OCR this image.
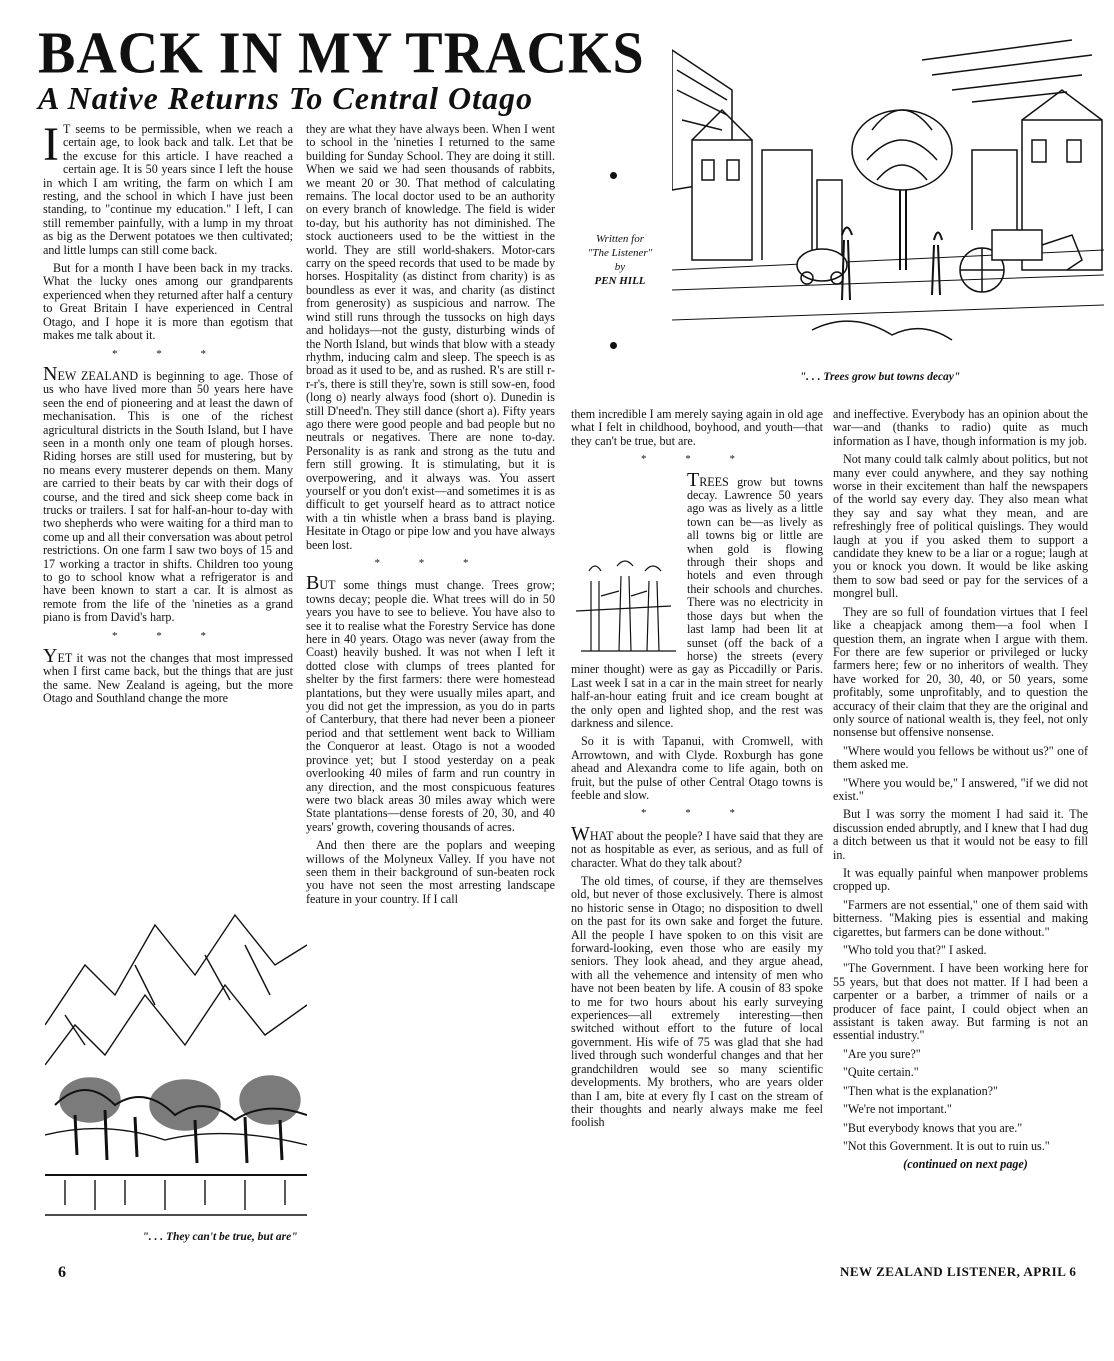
BACK IN MY TRACKS
A Native Returns To Central Otago
". . . Trees grow but towns decay"
Written for
"The Listener"
by
PEN HILL

I T seems to be permissible, when we reach a certain age, to look back and talk. Let that be the excuse for this article. I have reached a certain age. It is 50 years since I left the house in which I am writing, the farm on which I am resting, and the school in which I have just been standing, to "continue my education." I left, I can still remember painfully, with a lump in my throat as big as the Derwent potatoes we then cultivated; and little lumps can still come back.

But for a month I have been back in my tracks. What the lucky ones among our grandparents experienced when they returned after half a century to Great Britain I have experienced in Central Otago, and I hope it is more than egotism that makes me talk about it.

* * *

NEW ZEALAND is beginning to age. Those of us who have lived more than 50 years here have seen the end of pioneering and at least the dawn of mechanisation. This is one of the richest agricultural districts in the South Island, but I have seen in a month only one team of plough horses. Riding horses are still used for mustering, but by no means every musterer depends on them. Many are carried to their beats by car with their dogs of course, and the tired and sick sheep come back in trucks or trailers. I sat for half-an-hour to-day with two shepherds who were waiting for a third man to come up and all their conversation was about petrol restrictions. On one farm I saw two boys of 15 and 17 working a tractor in shifts. Children too young to go to school know what a refrigerator is and have been known to start a car. It is almost as remote from the life of the 'nineties as a grand piano is from David's harp.

* * *

YET it was not the changes that most impressed when I first came back, but the things that are just the same. New Zealand is ageing, but the more Otago and Southland change the more

". . . They can't be true, but are"

they are what they have always been. When I went to school in the 'nineties I returned to the same building for Sunday School. They are doing it still. When we said we had seen thousands of rabbits, we meant 20 or 30. That method of calculating remains. The local doctor used to be an authority on every branch of knowledge. The field is wider to-day, but his authority has not diminished. The stock auctioneers used to be the wittiest in the world. They are still world-shakers. Motor-cars carry on the speed records that used to be made by horses. Hospitality (as distinct from charity) is as boundless as ever it was, and charity (as distinct from generosity) as suspicious and narrow. The wind still runs through the tussocks on high days and holidays—not the gusty, disturbing winds of the North Island, but winds that blow with a steady rhythm, inducing calm and sleep. The speech is as broad as it used to be, and as rushed. R's are still r-r-r's, there is still they're, sown is still sow-en, food (long o) nearly always food (short o). Dunedin is still D'need'n. They still dance (short a). Fifty years ago there were good people and bad people but no neutrals or negatives. There are none to-day. Personality is as rank and strong as the tutu and fern still growing. It is stimulating, but it is overpowering, and it always was. You assert yourself or you don't exist—and sometimes it is as difficult to get yourself heard as to attract notice with a tin whistle when a brass band is playing. Hesitate in Otago or pipe low and you have always been lost.

* * *

BUT some things must change. Trees grow; towns decay; people die. What trees will do in 50 years you have to see to believe. You have also to see it to realise what the Forestry Service has done here in 40 years. Otago was never (away from the Coast) heavily bushed. It was not when I left it dotted close with clumps of trees planted for shelter by the first farmers: there were homestead plantations, but they were usually miles apart, and you did not get the impression, as you do in parts of Canterbury, that there had never been a pioneer period and that settlement went back to William the Conqueror at least. Otago is not a wooded province yet; but I stood yesterday on a peak overlooking 40 miles of farm and run country in any direction, and the most conspicuous features were two black areas 30 miles away which were State plantations—dense forests of 20, 30, and 40 years' growth, covering thousands of acres.

And then there are the poplars and weeping willows of the Molyneux Valley. If you have not seen them in their background of sun-beaten rock you have not seen the most arresting landscape feature in your country. If I call

them incredible I am merely saying again in old age what I felt in childhood, boyhood, and youth—that they can't be true, but are.

* * *

TREES grow but towns decay. Lawrence 50 years ago was as lively as a little town can be—as lively as all towns big or little are when gold is flowing through their shops and hotels and even through their schools and churches. There was no electricity in those days but when the last lamp had been lit at sunset (off the back of a horse) the streets (every miner thought) were as gay as Piccadilly or Paris. Last week I sat in a car in the main street for nearly half-an-hour eating fruit and ice cream bought at the only open and lighted shop, and the rest was darkness and silence.

So it is with Tapanui, with Cromwell, with Arrowtown, and with Clyde. Roxburgh has gone ahead and Alexandra come to life again, both on fruit, but the pulse of other Central Otago towns is feeble and slow.

* * *

WHAT about the people? I have said that they are not as hospitable as ever, as serious, and as full of character. What do they talk about?

The old times, of course, if they are themselves old, but never of those exclusively. There is almost no historic sense in Otago; no disposition to dwell on the past for its own sake and forget the future. All the people I have spoken to on this visit are forward-looking, even those who are easily my seniors. They look ahead, and they argue ahead, with all the vehemence and intensity of men who have not been beaten by life. A cousin of 83 spoke to me for two hours about his early surveying experiences—all extremely interesting—then switched without effort to the future of local government. His wife of 75 was glad that she had lived through such wonderful changes and that her grandchildren would see so many scientific developments. My brothers, who are years older than I am, bite at every fly I cast on the stream of their thoughts and nearly always make me feel foolish

and ineffective. Everybody has an opinion about the war—and (thanks to radio) quite as much information as I have, though information is my job.

Not many could talk calmly about politics, but not many ever could anywhere, and they say nothing worse in their excitement than half the newspapers of the world say every day. They also mean what they say and say what they mean, and are refreshingly free of political quislings. They would laugh at you if you asked them to support a candidate they knew to be a liar or a rogue; laugh at you or knock you down. It would be like asking them to sow bad seed or pay for the services of a mongrel bull.

They are so full of foundation virtues that I feel like a cheapjack among them—a fool when I question them, an ingrate when I argue with them. For there are few superior or privileged or lucky farmers here; few or no inheritors of wealth. They have worked for 20, 30, 40, or 50 years, some profitably, some unprofitably, and to question the accuracy of their claim that they are the original and only source of national wealth is, they feel, not only nonsense but offensive nonsense.

"Where would you fellows be without us?" one of them asked me.

"Where you would be," I answered, "if we did not exist."

But I was sorry the moment I had said it. The discussion ended abruptly, and I knew that I had dug a ditch between us that it would not be easy to fill in.

It was equally painful when manpower problems cropped up.

"Farmers are not essential," one of them said with bitterness. "Making pies is essential and making cigarettes, but farmers can be done without."

"Who told you that?" I asked.

"The Government. I have been working here for 55 years, but that does not matter. If I had been a carpenter or a barber, a trimmer of nails or a producer of face paint, I could object when an assistant is taken away. But farming is not an essential industry."

"Are you sure?"

"Quite certain."

"Then what is the explanation?"

"We're not important."

"But everybody knows that you are."

"Not this Government. It is out to ruin us."

(continued on next page)

6	NEW ZEALAND LISTENER, APRIL 6
